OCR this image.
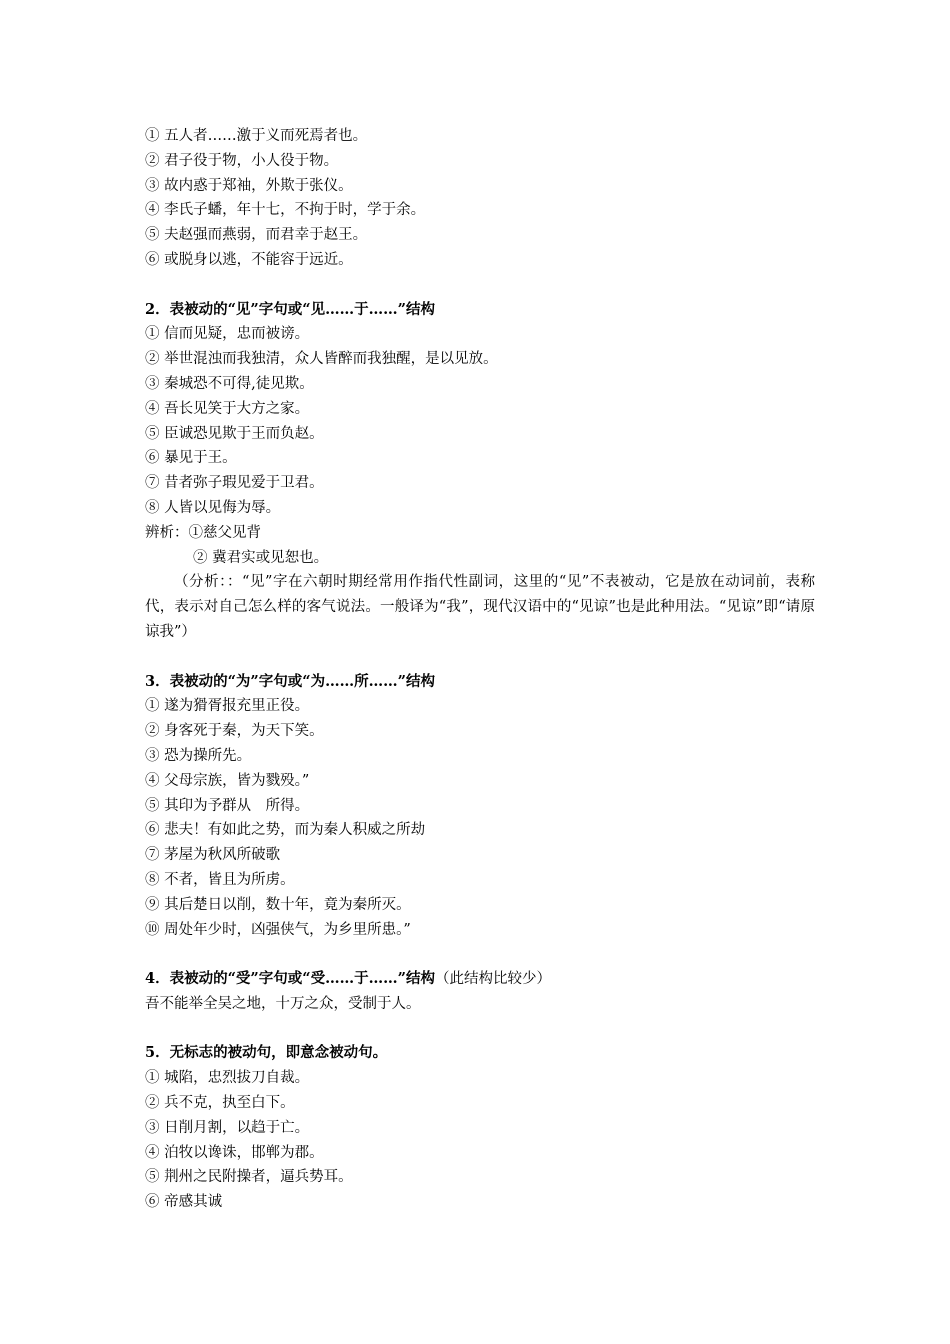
① 五人者……激于义而死焉者也。
② 君子役于物，小人役于物。
③ 故内惑于郑袖，外欺于张仪。
④ 李氏子蟠，年十七，不拘于时，学于余。
⑤ 夫赵强而燕弱，而君幸于赵王。
⑥ 或脱身以逃，不能容于远近。
2．表被动的“见”字句或“见……于……”结构
① 信而见疑，忠而被谤。
② 举世混浊而我独清，众人皆醉而我独醒，是以见放。
③ 秦城恐不可得,徒见欺。
④ 吾长见笑于大方之家。
⑤ 臣诚恐见欺于王而负赵。
⑥ 暴见于王。
⑦ 昔者弥子瑕见爱于卫君。
⑧ 人皆以见侮为辱。
辨析：①慈父见背
② 冀君实或见恕也。
（分析：：“见”字在六朝时期经常用作指代性副词，这里的“见”不表被动，它是放在动词前，表称代，表示对自己怎么样的客气说法。一般译为“我”，现代汉语中的“见谅”也是此种用法。“见谅”即“请原谅我”）
3．表被动的“为”字句或“为……所……”结构
① 遂为猾胥报充里正役。
② 身客死于秦，为天下笑。
③ 恐为操所先。
④ 父母宗族，皆为戮殁。”
⑤ 其印为予群从　所得。
⑥ 悲夫！有如此之势，而为秦人积威之所劫
⑦ 茅屋为秋风所破歌
⑧ 不者，皆且为所虏。
⑨ 其后楚日以削，数十年，竟为秦所灭。
⑩ 周处年少时，凶强侠气，为乡里所患。”
4．表被动的“受”字句或“受……于……”结构（此结构比较少）
吾不能举全吴之地，十万之众，受制于人。
5．无标志的被动句，即意念被动句。
① 城陷，忠烈拔刀自裁。
② 兵不克，执至白下。
③ 日削月割，以趋于亡。
④ 泊牧以谗诛，邯郸为郡。
⑤ 荆州之民附操者，逼兵势耳。
⑥ 帝感其诚
